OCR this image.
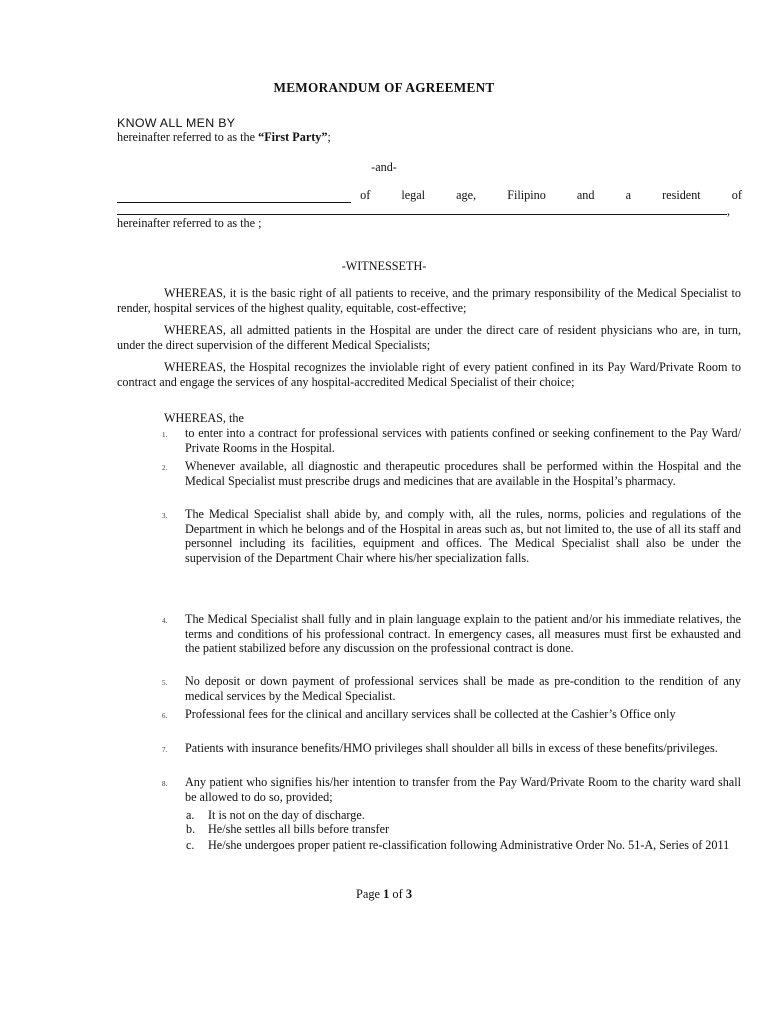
MEMORANDUM OF AGREEMENT
KNOW ALL MEN BY
hereinafter referred to as the “First Party”;
-and-
of	legal	age,	Filipino	and	a	resident	of
,
hereinafter referred to as the ;
-WITNESSETH-
WHEREAS, it is the basic right of all patients to receive, and the primary responsibility of the Medical Specialist to render, hospital services of the highest quality, equitable, cost-effective;
WHEREAS, all admitted patients in the Hospital are under the direct care of resident physicians who are, in turn, under the direct supervision of the different Medical Specialists;
WHEREAS, the Hospital recognizes the inviolable right of every patient confined in its Pay Ward/Private Room to contract and engage the services of any hospital-accredited Medical Specialist of their choice;
WHEREAS, the
1. to enter into a contract for professional services with patients confined or seeking confinement to the Pay Ward/ Private Rooms in the Hospital.
2. Whenever available, all diagnostic and therapeutic procedures shall be performed within the Hospital and the Medical Specialist must prescribe drugs and medicines that are available in the Hospital’s pharmacy.
3. The Medical Specialist shall abide by, and comply with, all the rules, norms, policies and regulations of the Department in which he belongs and of the Hospital in areas such as, but not limited to, the use of all its staff and personnel including its facilities, equipment and offices. The Medical Specialist shall also be under the supervision of the Department Chair where his/her specialization falls.
4. The Medical Specialist shall fully and in plain language explain to the patient and/or his immediate relatives, the terms and conditions of his professional contract. In emergency cases, all measures must first be exhausted and the patient stabilized before any discussion on the professional contract is done.
5. No deposit or down payment of professional services shall be made as pre-condition to the rendition of any medical services by the Medical Specialist.
6. Professional fees for the clinical and ancillary services shall be collected at the Cashier’s Office only
7. Patients with insurance benefits/HMO privileges shall shoulder all bills in excess of these benefits/privileges.
8. Any patient who signifies his/her intention to transfer from the Pay Ward/Private Room to the charity ward shall be allowed to do so, provided;
a. It is not on the day of discharge.
b. He/she settles all bills before transfer
c. He/she undergoes proper patient re-classification following Administrative Order No. 51-A, Series of 2011
Page 1 of 3
